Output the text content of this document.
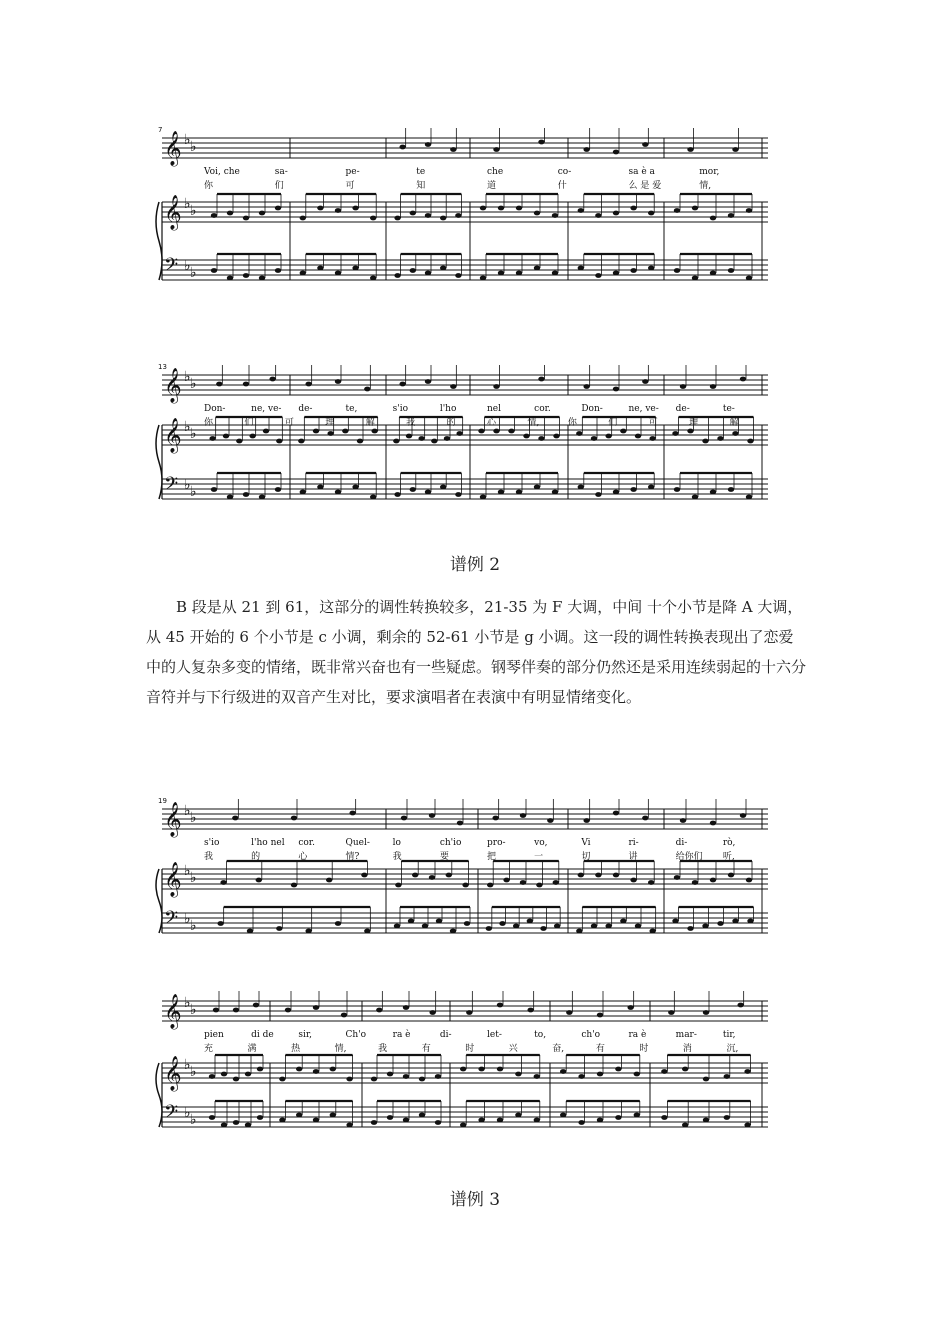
𝄞
𝄞
𝄢
♭ ♭
♭ ♭
♭ ♭
7
Voi, che	sa-	pe-	te	che	co-	sa è a	mor,
你	们	可	知	道	什	么 是 爱	情,
𝄞
𝄞
𝄢
♭ ♭
♭ ♭
♭ ♭
13
Don-	ne, ve- de-	te,	s'io	l'ho	nel	cor.	Don-	ne, ve- de-	te-
你	们	可	理	解	我	的	心	情,	你	们	可	理	解
谱例 2

B 段是从 21 到 61，这部分的调性转换较多，21-35 为 F 大调，中间 十个小节是降 A 大调，从 45 开始的 6 个小节是 c 小调，剩余的 52-61 小节是 g 小调。这一段的调性转换表现出了恋爱中的人复杂多变的情绪，既非常兴奋也有一些疑虑。钢琴伴奏的部分仍然还是采用连续弱起的十六分音符并与下行级进的双音产生对比，要求演唱者在表演中有明显情绪变化。

𝄞
𝄞
𝄢
♭ ♭
♭ ♭
♭ ♭
19
s'io	l'ho nel cor.	Quel-	lo	ch'io	pro-	vo,	Vi	ri-	di-	rò,
我	的	心	情?	我	要	把	一	切	讲	给你们 听,
𝄞
𝄞
𝄢
♭ ♭
♭ ♭
♭ ♭
pien	di de	sir,	Ch'o	ra è	di-	let-	to,	ch'o	ra è	mar-	tir,
充	满	热	情,	我	有	时	兴	奋,	有	时	消	沉,
谱例 3
